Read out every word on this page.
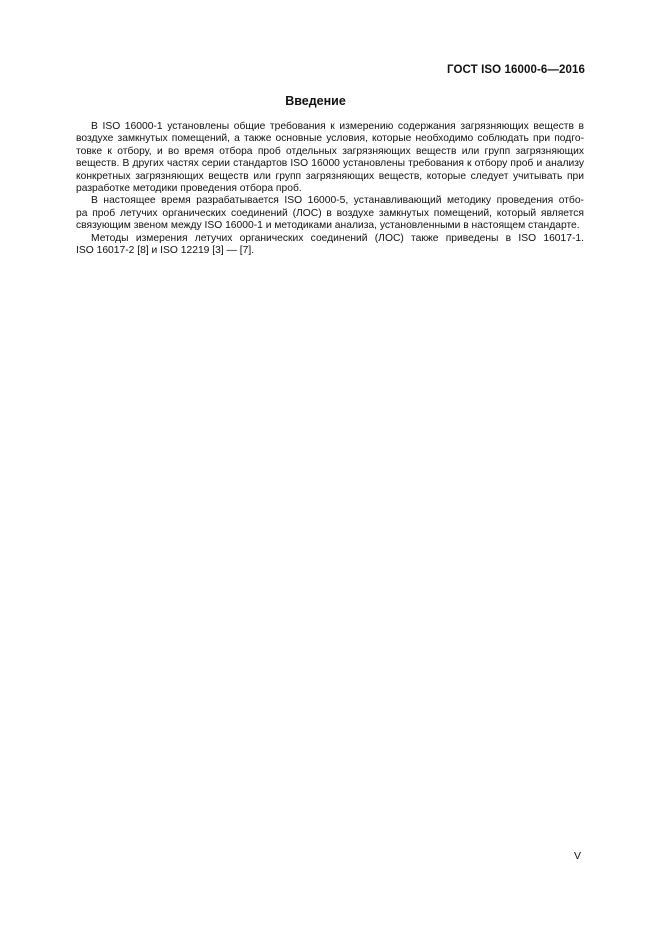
ГОСТ ISO 16000-6—2016
Введение
В ISO 16000-1 установлены общие требования к измерению содержания загрязняющих веществ в
воздухе замкнутых помещений, а также основные условия, которые необходимо соблюдать при подго-
товке к отбору, и во время отбора проб отдельных загрязняющих веществ или групп загрязняющих
веществ. В других частях серии стандартов ISO 16000 установлены требования к отбору проб и анализу
конкретных загрязняющих веществ или групп загрязняющих веществ, которые следует учитывать при
разработке методики проведения отбора проб.
В настоящее время разрабатывается ISO 16000-5, устанавливающий методику проведения отбо-
ра проб летучих органических соединений (ЛОС) в воздухе замкнутых помещений, который является
связующим звеном между ISO 16000-1 и методиками анализа, установленными в настоящем стандарте.
Методы измерения летучих органических соединений (ЛОС) также приведены в ISO 16017-1.
ISO 16017-2 [8] и ISO 12219 [3] — [7].
V
